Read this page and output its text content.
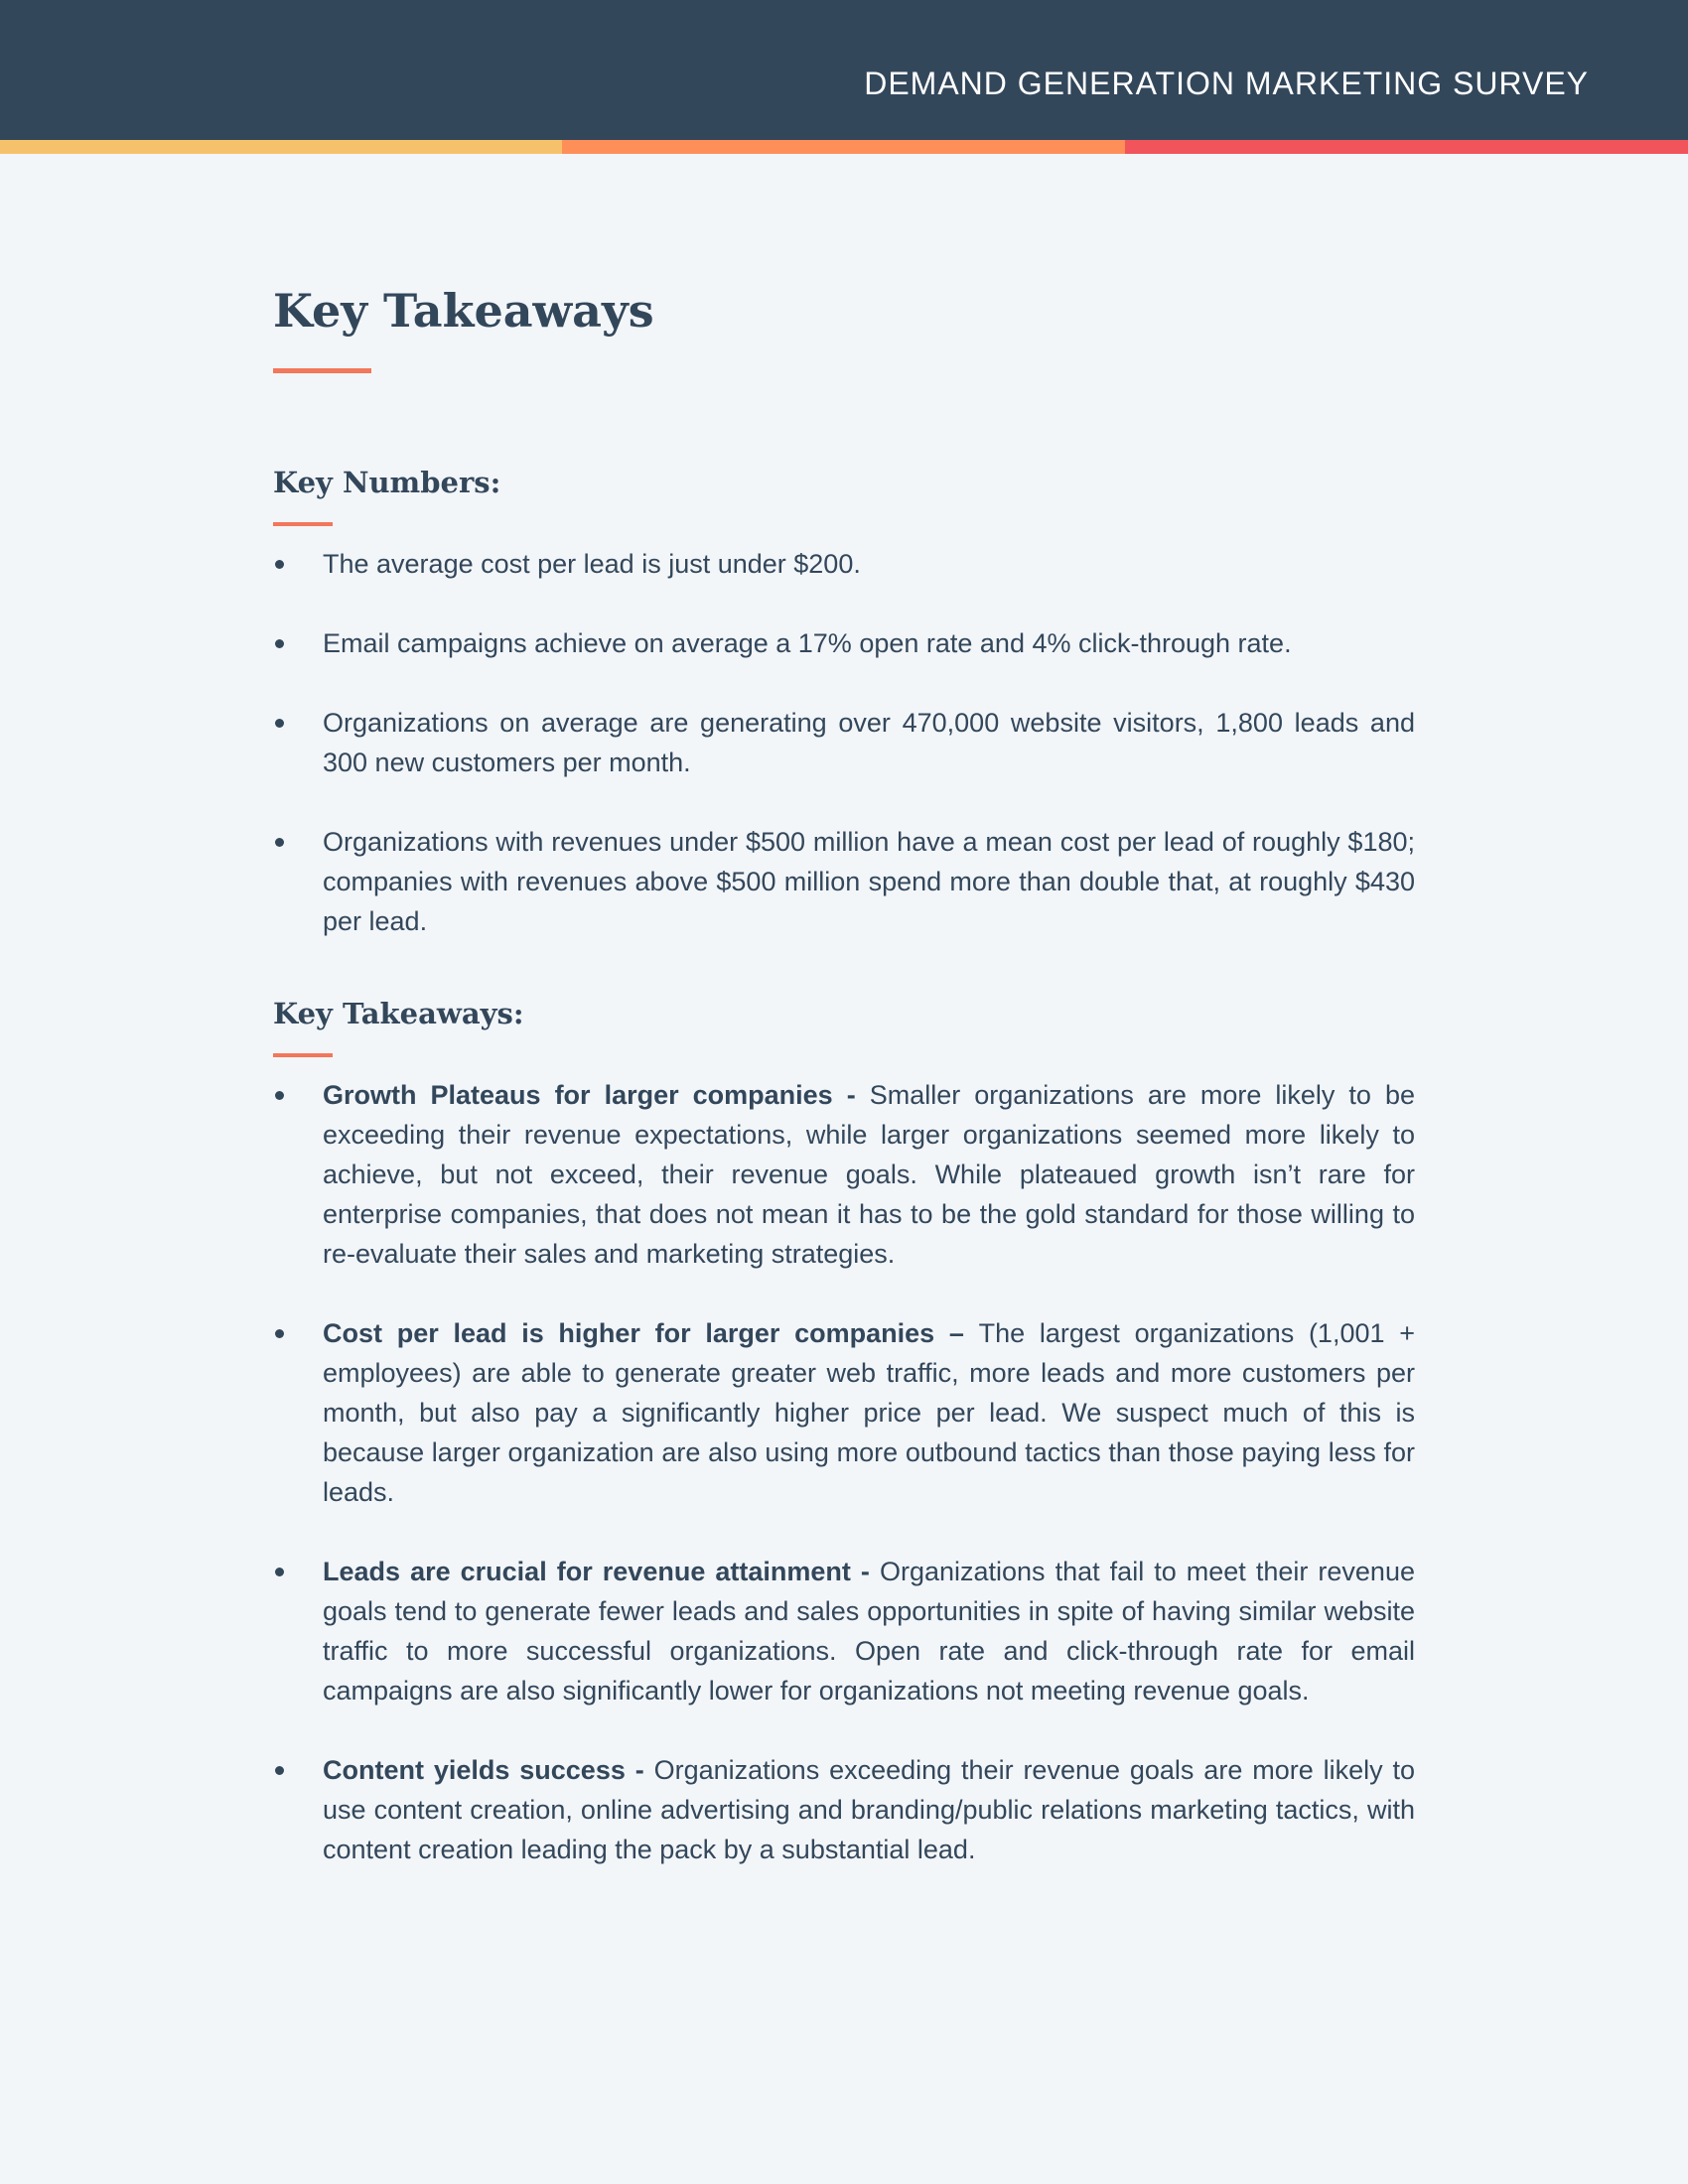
DEMAND GENERATION MARKETING SURVEY
Key Takeaways
Key Numbers:
The average cost per lead is just under $200.
Email campaigns achieve on average a 17% open rate and 4% click-through rate.
Organizations on average are generating over 470,000 website visitors, 1,800 leads and 300 new customers per month.
Organizations with revenues under $500 million have a mean cost per lead of roughly $180; companies with revenues above $500 million spend more than double that, at roughly $430 per lead.
Key Takeaways:
Growth Plateaus for larger companies - Smaller organizations are more likely to be exceeding their revenue expectations, while larger organizations seemed more likely to achieve, but not exceed, their revenue goals. While plateaued growth isn’t rare for enterprise companies, that does not mean it has to be the gold standard for those willing to re-evaluate their sales and marketing strategies.
Cost per lead is higher for larger companies – The largest organizations (1,001 + employees) are able to generate greater web traffic, more leads and more customers per month, but also pay a significantly higher price per lead. We suspect much of this is because larger organization are also using more outbound tactics than those paying less for leads.
Leads are crucial for revenue attainment - Organizations that fail to meet their revenue goals tend to generate fewer leads and sales opportunities in spite of having similar website traffic to more successful organizations. Open rate and click-through rate for email campaigns are also significantly lower for organizations not meeting revenue goals.
Content yields success - Organizations exceeding their revenue goals are more likely to use content creation, online advertising and branding/public relations marketing tactics, with content creation leading the pack by a substantial lead.
